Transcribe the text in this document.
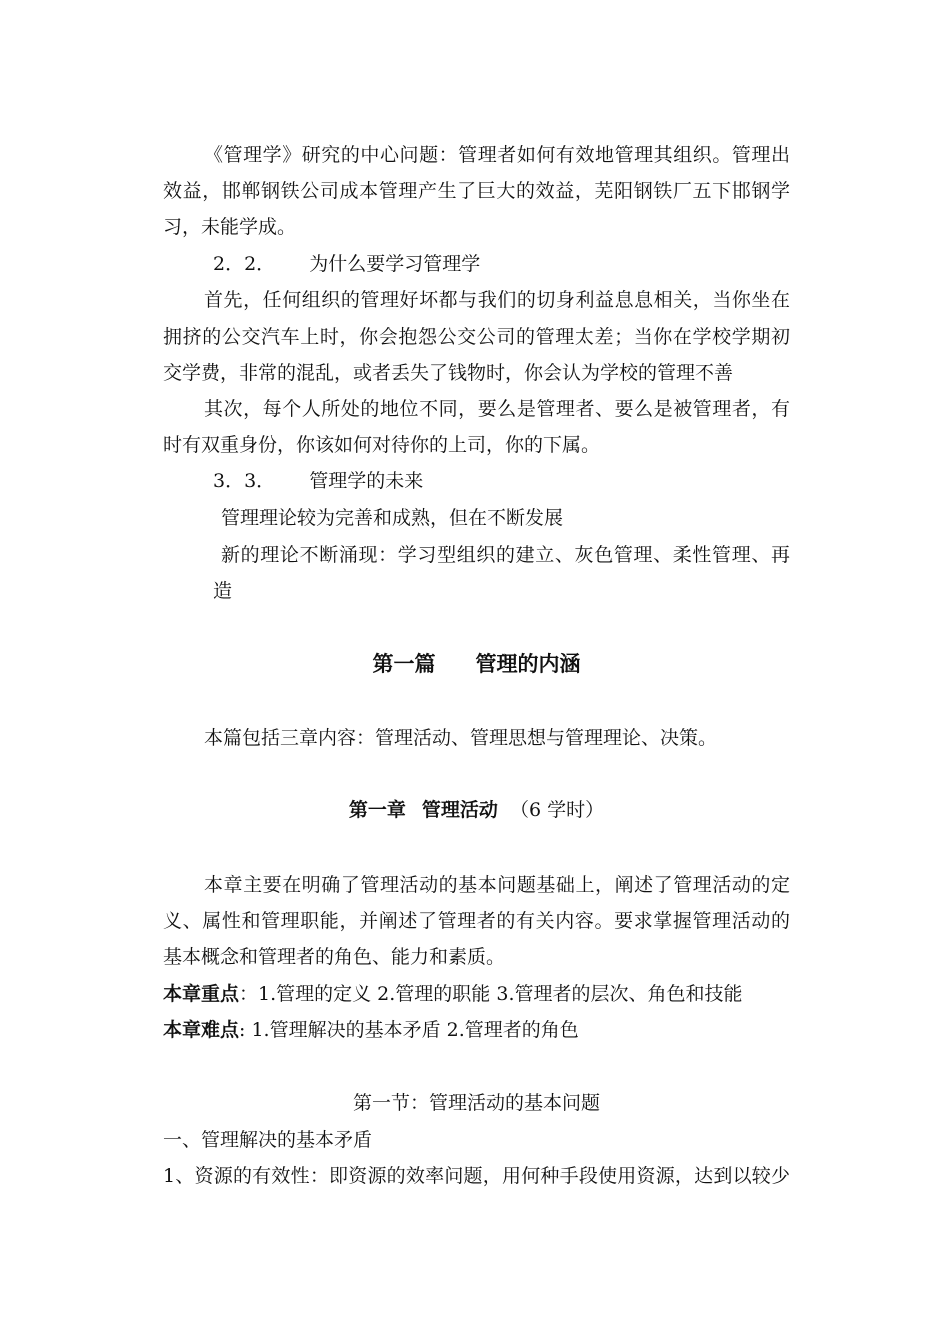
《管理学》研究的中心问题：管理者如何有效地管理其组织。管理出
效益，邯郸钢铁公司成本管理产生了巨大的效益，芜阳钢铁厂五下邯钢学
习，未能学成。
2．2． 为什么要学习管理学
首先，任何组织的管理好坏都与我们的切身利益息息相关，当你坐在
拥挤的公交汽车上时，你会抱怨公交公司的管理太差；当你在学校学期初
交学费，非常的混乱，或者丢失了钱物时，你会认为学校的管理不善
其次，每个人所处的地位不同，要么是管理者、要么是被管理者，有
时有双重身份，你该如何对待你的上司，你的下属。
3．3． 管理学的未来
管理理论较为完善和成熟，但在不断发展
新的理论不断涌现：学习型组织的建立、灰色管理、柔性管理、再
造
第一篇 管理的内涵
本篇包括三章内容：管理活动、管理思想与管理理论、决策。
第一章 管理活动 （6 学时）
本章主要在明确了管理活动的基本问题基础上，阐述了管理活动的定
义、属性和管理职能，并阐述了管理者的有关内容。要求掌握管理活动的
基本概念和管理者的角色、能力和素质。
本章重点：1.管理的定义 2.管理的职能 3.管理者的层次、角色和技能
本章难点: 1.管理解决的基本矛盾 2.管理者的角色
第一节：管理活动的基本问题
一、管理解决的基本矛盾
1、资源的有效性：即资源的效率问题，用何种手段使用资源，达到以较少
